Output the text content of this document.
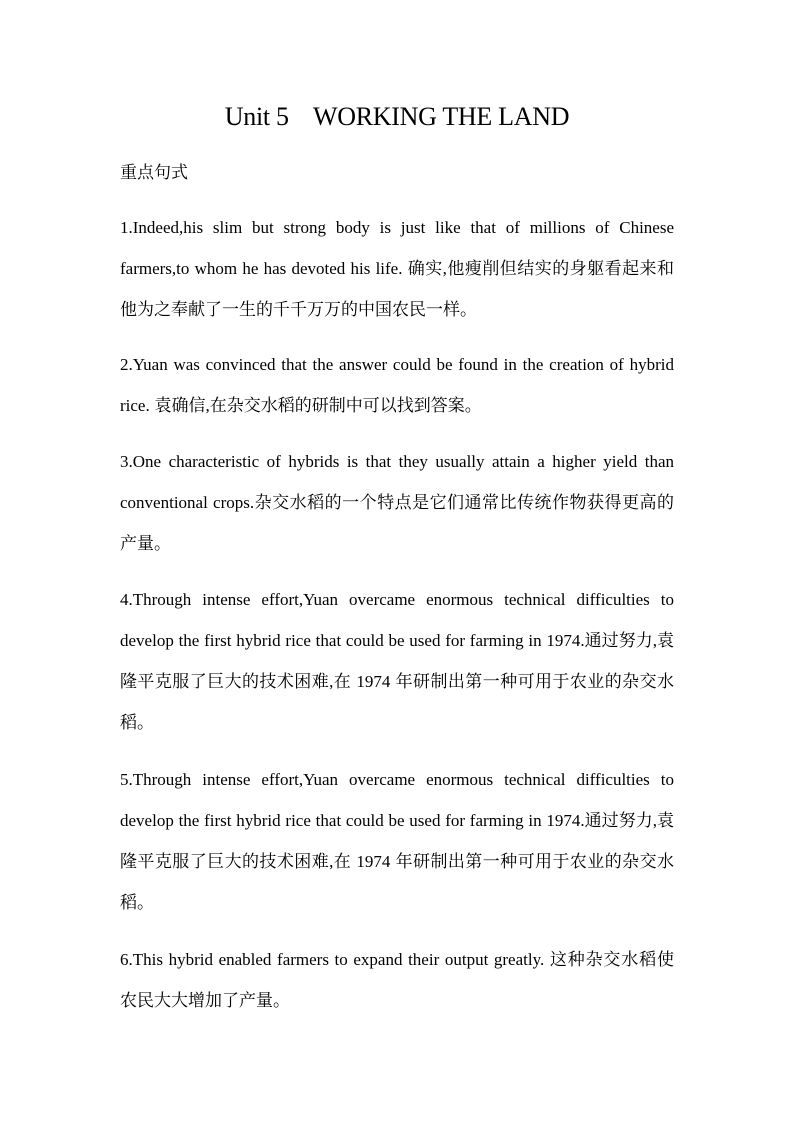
Unit 5    WORKING THE LAND
重点句式

1.Indeed,his slim but strong body is just like that of millions of Chinese farmers,to whom he has devoted his life. 确实,他瘦削但结实的身躯看起来和他为之奉献了一生的千千万万的中国农民一样。

2.Yuan was convinced that the answer could be found in the creation of hybrid rice. 袁确信,在杂交水稻的研制中可以找到答案。

3.One characteristic of hybrids is that they usually attain a higher yield than conventional crops.杂交水稻的一个特点是它们通常比传统作物获得更高的产量。

4.Through intense effort,Yuan overcame enormous technical difficulties to develop the first hybrid rice that could be used for farming in 1974.通过努力,袁隆平克服了巨大的技术困难,在 1974 年研制出第一种可用于农业的杂交水稻。

5.Through intense effort,Yuan overcame enormous technical difficulties to develop the first hybrid rice that could be used for farming in 1974.通过努力,袁隆平克服了巨大的技术困难,在 1974 年研制出第一种可用于农业的杂交水稻。

6.This hybrid enabled farmers to expand their output greatly. 这种杂交水稻使农民大大增加了产量。
